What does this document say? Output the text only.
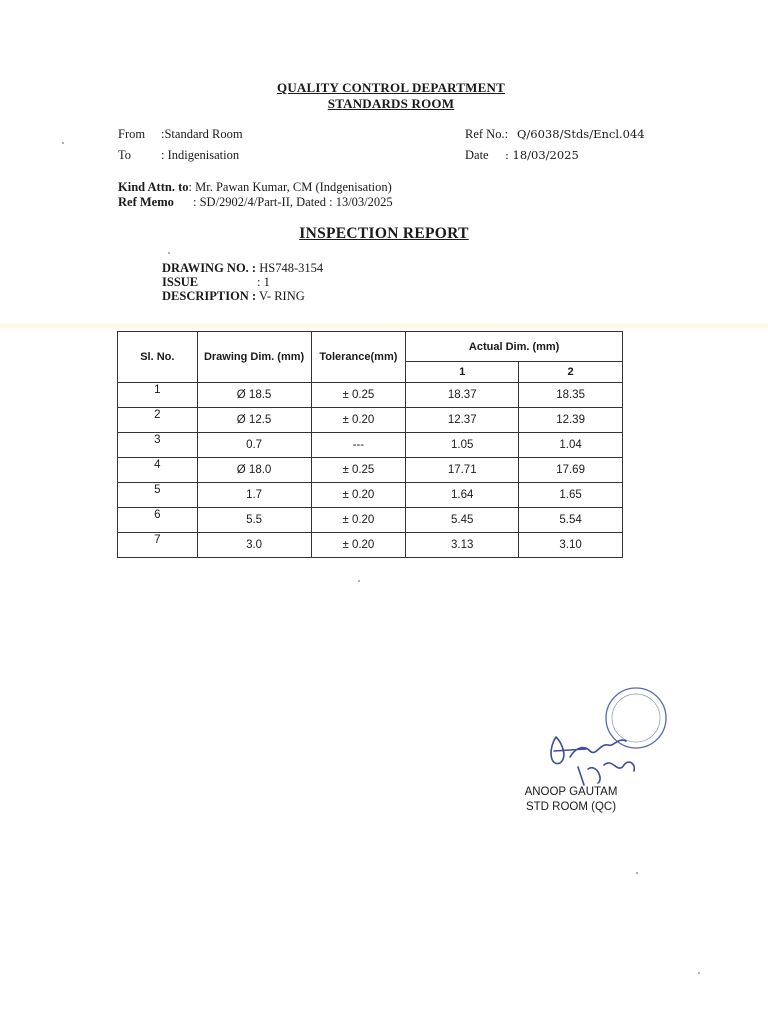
QUALITY CONTROL DEPARTMENT
STANDARDS ROOM
From :Standard Room
To : Indigenisation
Ref No.: Q/6038/Stds/Encl.044
Date : 18/03/2025
Kind Attn. to: Mr. Pawan Kumar, CM (Indgenisation)
Ref Memo : SD/2902/4/Part-II, Dated : 13/03/2025
INSPECTION REPORT
DRAWING NO. : HS748-3154
ISSUE	: 1
DESCRIPTION : V- RING
Sl. No.	Drawing Dim. (mm)	Tolerance(mm)	Actual Dim. (mm)	
			1	2
1	Ø 18.5	± 0.25	18.37	18.35
2	Ø 12.5	± 0.20	12.37	12.39
3	0.7	---	1.05	1.04
4	Ø 18.0	± 0.25	17.71	17.69
5	1.7	± 0.20	1.64	1.65
6	5.5	± 0.20	5.45	5.54
7	3.0	± 0.20	3.13	3.10
ANOOP GAUTAM
STD ROOM (QC)
